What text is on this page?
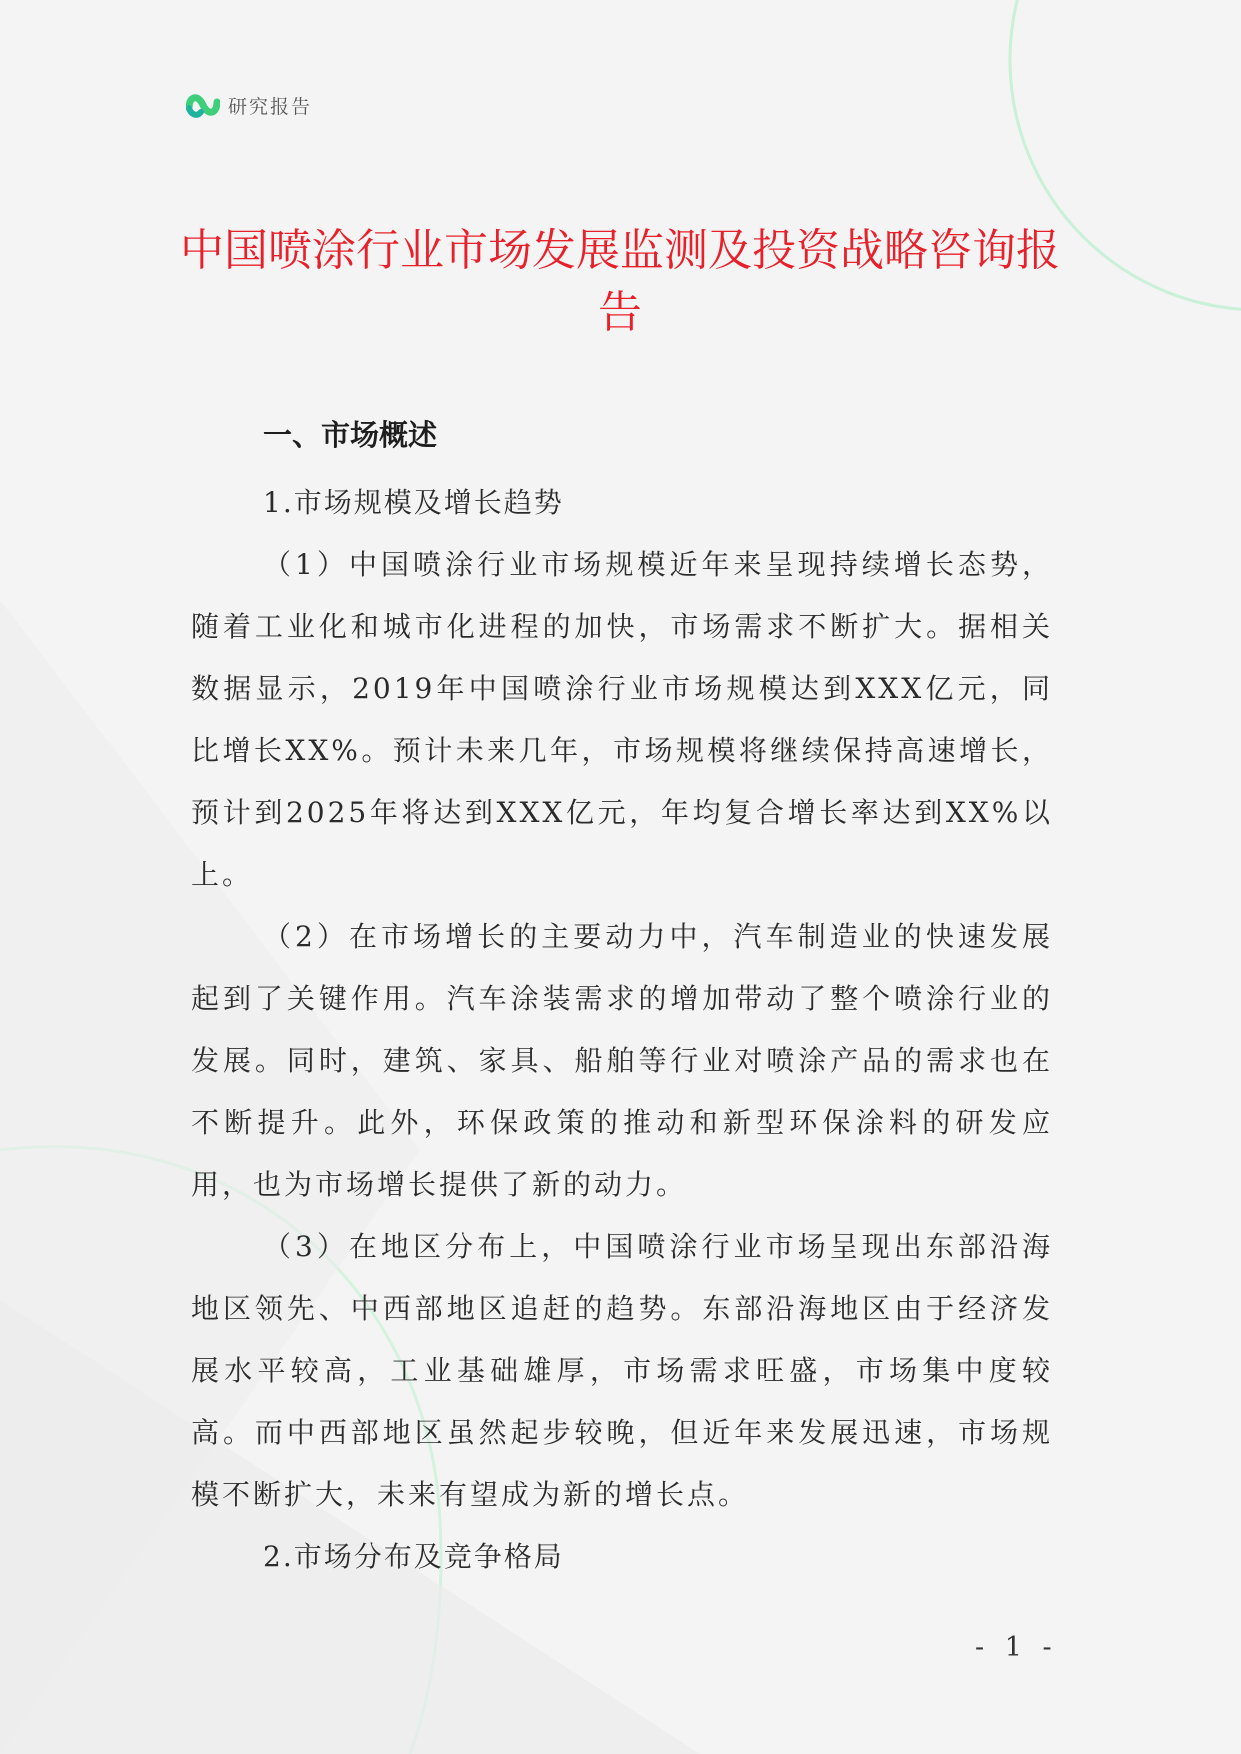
研究报告
中国喷涂行业市场发展监测及投资战略咨询报告
一、市场概述
1.市场规模及增长趋势

（1）中国喷涂行业市场规模近年来呈现持续增长态势，随着工业化和城市化进程的加快，市场需求不断扩大。据相关数据显示，2019年中国喷涂行业市场规模达到XXX亿元，同比增长XX%。预计未来几年，市场规模将继续保持高速增长，预计到2025年将达到XXX亿元，年均复合增长率达到XX%以上。

（2）在市场增长的主要动力中，汽车制造业的快速发展起到了关键作用。汽车涂装需求的增加带动了整个喷涂行业的发展。同时，建筑、家具、船舶等行业对喷涂产品的需求也在不断提升。此外，环保政策的推动和新型环保涂料的研发应用，也为市场增长提供了新的动力。

（3）在地区分布上，中国喷涂行业市场呈现出东部沿海地区领先、中西部地区追赶的趋势。东部沿海地区由于经济发展水平较高，工业基础雄厚，市场需求旺盛，市场集中度较高。而中西部地区虽然起步较晚，但近年来发展迅速，市场规模不断扩大，未来有望成为新的增长点。

2.市场分布及竞争格局
- 1 -
